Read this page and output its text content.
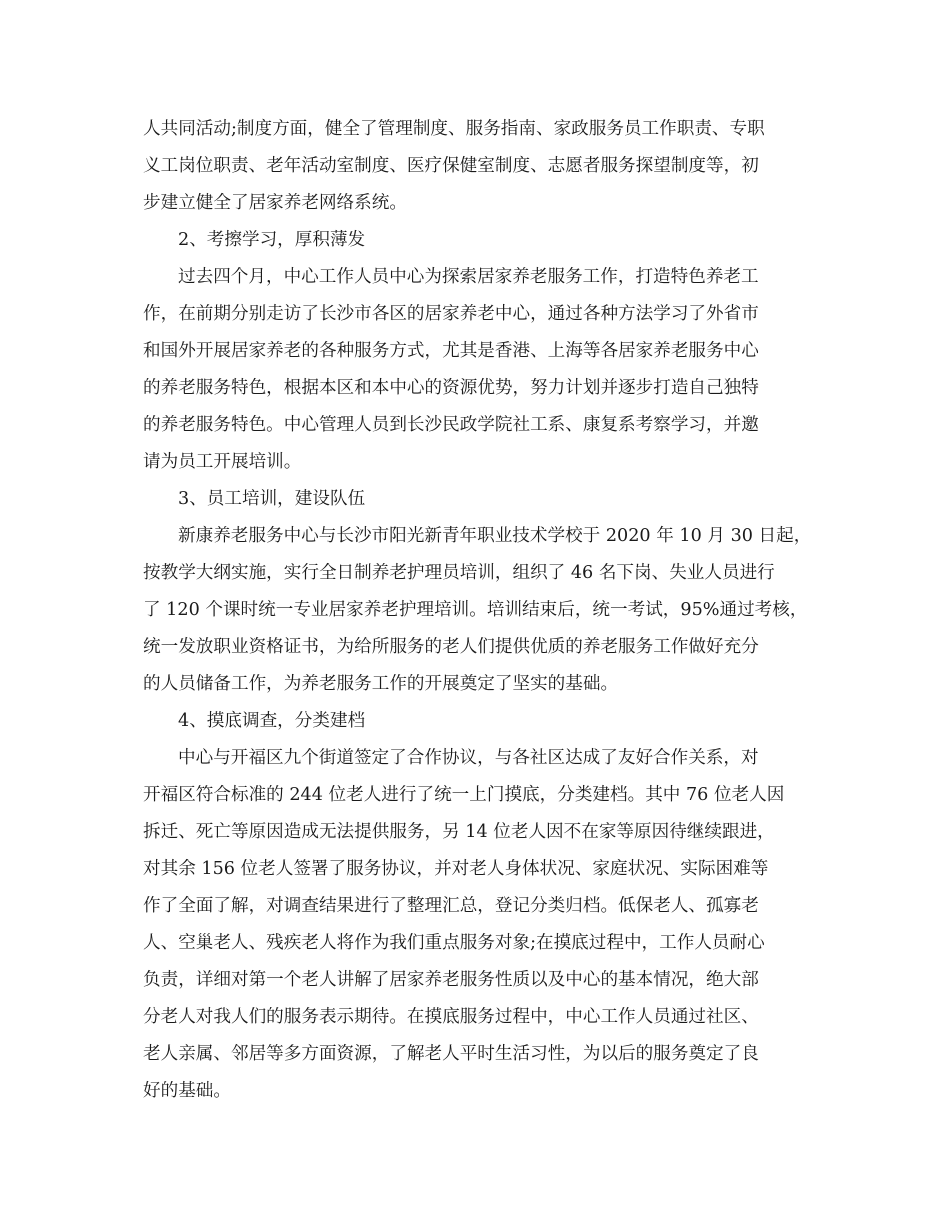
人共同活动;制度方面，健全了管理制度、服务指南、家政服务员工作职责、专职
义工岗位职责、老年活动室制度、医疗保健室制度、志愿者服务探望制度等，初
步建立健全了居家养老网络系统。
2、考擦学习，厚积薄发
过去四个月，中心工作人员中心为探索居家养老服务工作，打造特色养老工
作，在前期分别走访了长沙市各区的居家养老中心，通过各种方法学习了外省市
和国外开展居家养老的各种服务方式，尤其是香港、上海等各居家养老服务中心
的养老服务特色，根据本区和本中心的资源优势，努力计划并逐步打造自己独特
的养老服务特色。中心管理人员到长沙民政学院社工系、康复系考察学习，并邀
请为员工开展培训。
3、员工培训，建设队伍
新康养老服务中心与长沙市阳光新青年职业技术学校于 2020 年 10 月 30 日起，
按教学大纲实施，实行全日制养老护理员培训，组织了 46 名下岗、失业人员进行
了 120 个课时统一专业居家养老护理培训。培训结束后，统一考试，95%通过考核，
统一发放职业资格证书，为给所服务的老人们提供优质的养老服务工作做好充分
的人员储备工作，为养老服务工作的开展奠定了坚实的基础。
4、摸底调查，分类建档
中心与开福区九个街道签定了合作协议，与各社区达成了友好合作关系，对
开福区符合标准的 244 位老人进行了统一上门摸底，分类建档。其中 76 位老人因
拆迁、死亡等原因造成无法提供服务，另 14 位老人因不在家等原因待继续跟进，
对其余 156 位老人签署了服务协议，并对老人身体状况、家庭状况、实际困难等
作了全面了解，对调查结果进行了整理汇总，登记分类归档。低保老人、孤寡老
人、空巢老人、残疾老人将作为我们重点服务对象;在摸底过程中，工作人员耐心
负责，详细对第一个老人讲解了居家养老服务性质以及中心的基本情况，绝大部
分老人对我人们的服务表示期待。在摸底服务过程中，中心工作人员通过社区、
老人亲属、邻居等多方面资源，了解老人平时生活习性，为以后的服务奠定了良
好的基础。
